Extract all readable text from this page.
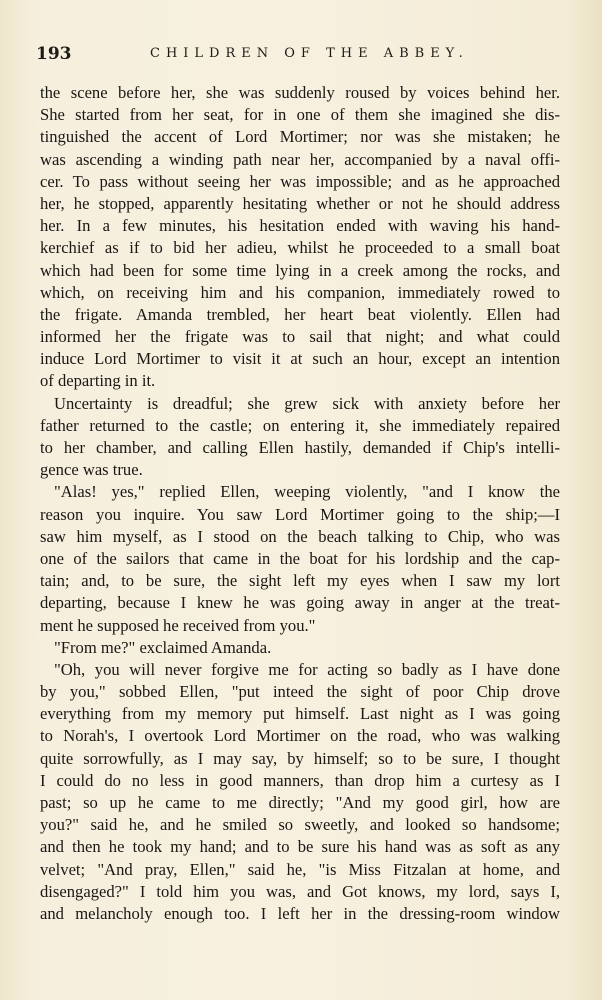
193	CHILDREN OF THE ABBEY.
the scene before her, she was suddenly roused by voices behind her.
She started from her seat, for in one of them she imagined she dis-
tinguished the accent of Lord Mortimer; nor was she mistaken; he
was ascending a winding path near her, accompanied by a naval offi-
cer. To pass without seeing her was impossible; and as he approached
her, he stopped, apparently hesitating whether or not he should address
her. In a few minutes, his hesitation ended with waving his hand-
kerchief as if to bid her adieu, whilst he proceeded to a small boat
which had been for some time lying in a creek among the rocks, and
which, on receiving him and his companion, immediately rowed to
the frigate. Amanda trembled, her heart beat violently. Ellen had
informed her the frigate was to sail that night; and what could
induce Lord Mortimer to visit it at such an hour, except an intention
of departing in it.
Uncertainty is dreadful; she grew sick with anxiety before her
father returned to the castle; on entering it, she immediately repaired
to her chamber, and calling Ellen hastily, demanded if Chip's intelli-
gence was true.
"Alas! yes," replied Ellen, weeping violently, "and I know the
reason you inquire. You saw Lord Mortimer going to the ship;—I
saw him myself, as I stood on the beach talking to Chip, who was
one of the sailors that came in the boat for his lordship and the cap-
tain; and, to be sure, the sight left my eyes when I saw my lort
departing, because I knew he was going away in anger at the treat-
ment he supposed he received from you."
"From me?" exclaimed Amanda.
"Oh, you will never forgive me for acting so badly as I have done
by you," sobbed Ellen, "put inteed the sight of poor Chip drove
everything from my memory put himself. Last night as I was going
to Norah's, I overtook Lord Mortimer on the road, who was walking
quite sorrowfully, as I may say, by himself; so to be sure, I thought
I could do no less in good manners, than drop him a curtesy as I
past; so up he came to me directly; "And my good girl, how are
you?" said he, and he smiled so sweetly, and looked so handsome;
and then he took my hand; and to be sure his hand was as soft as any
velvet; "And pray, Ellen," said he, "is Miss Fitzalan at home, and
disengaged?" I told him you was, and Got knows, my lord, says I,
and melancholy enough too. I left her in the dressing-room window
